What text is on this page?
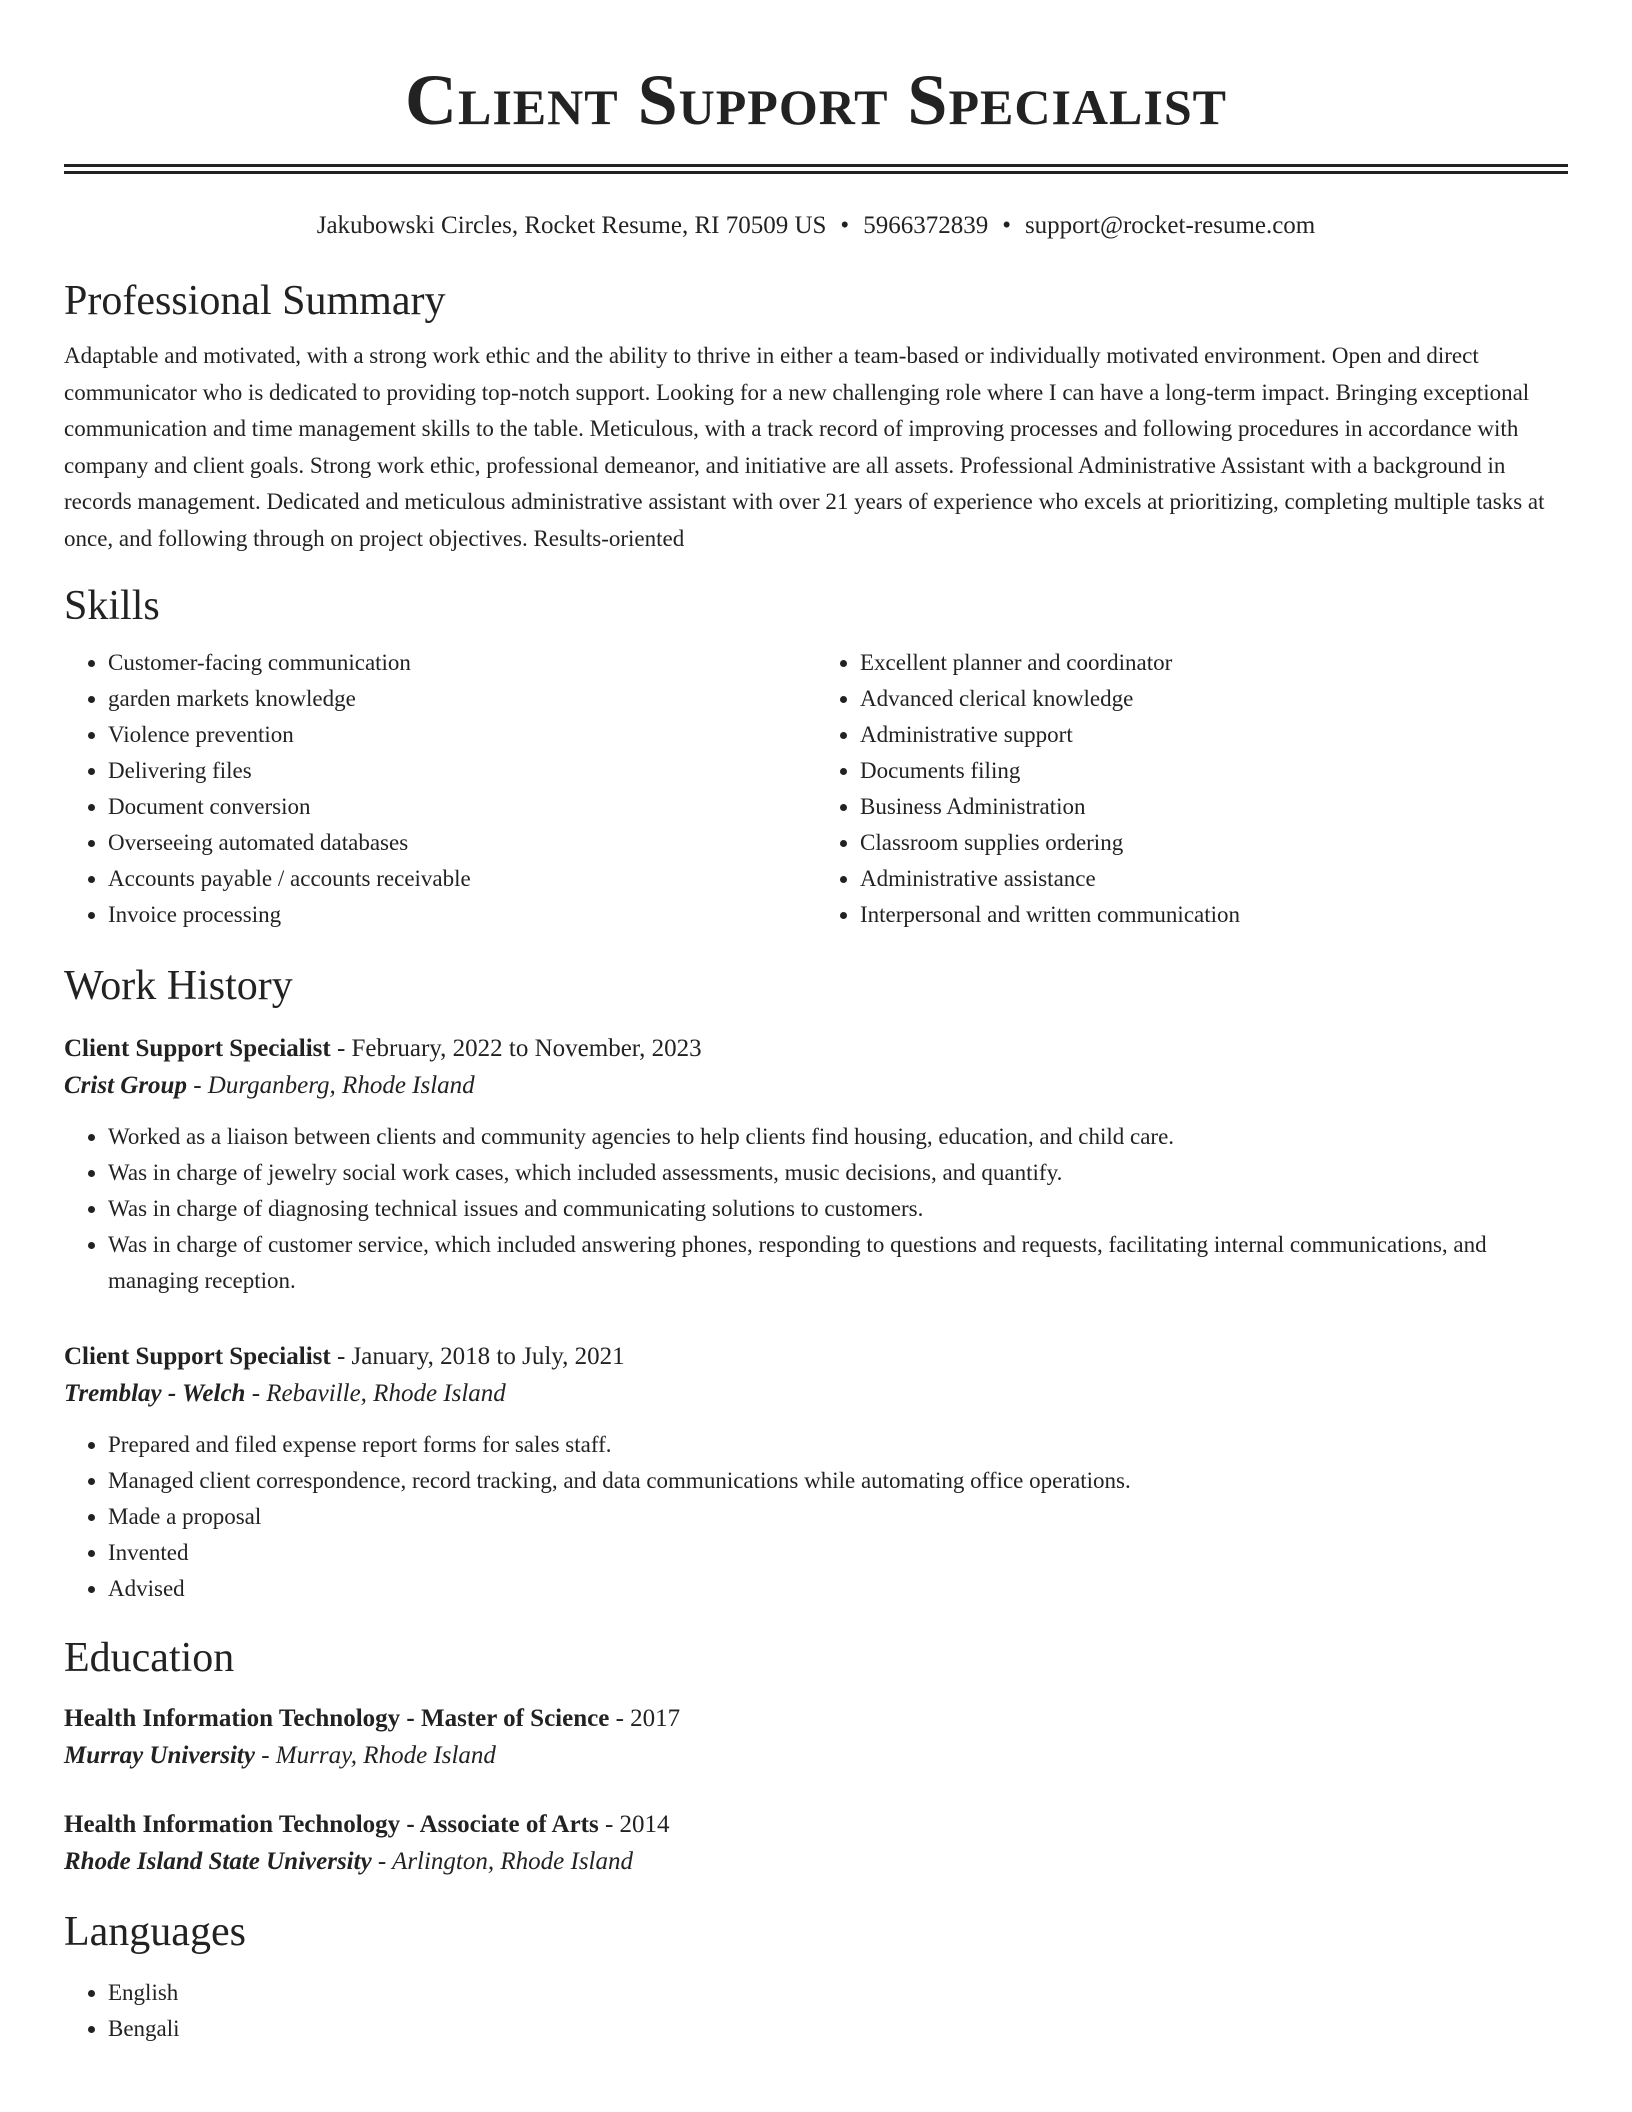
Client Support Specialist
Jakubowski Circles, Rocket Resume, RI 70509 US • 5966372839 • support@rocket-resume.com
Professional Summary
Adaptable and motivated, with a strong work ethic and the ability to thrive in either a team-based or individually motivated environment. Open and direct communicator who is dedicated to providing top-notch support. Looking for a new challenging role where I can have a long-term impact. Bringing exceptional communication and time management skills to the table. Meticulous, with a track record of improving processes and following procedures in accordance with company and client goals. Strong work ethic, professional demeanor, and initiative are all assets. Professional Administrative Assistant with a background in records management. Dedicated and meticulous administrative assistant with over 21 years of experience who excels at prioritizing, completing multiple tasks at once, and following through on project objectives. Results-oriented
Skills
• Customer-facing communication
• garden markets knowledge
• Violence prevention
• Delivering files
• Document conversion
• Overseeing automated databases
• Accounts payable / accounts receivable
• Invoice processing
• Excellent planner and coordinator
• Advanced clerical knowledge
• Administrative support
• Documents filing
• Business Administration
• Classroom supplies ordering
• Administrative assistance
• Interpersonal and written communication
Work History
Client Support Specialist - February, 2022 to November, 2023
Crist Group - Durganberg, Rhode Island
• Worked as a liaison between clients and community agencies to help clients find housing, education, and child care.
• Was in charge of jewelry social work cases, which included assessments, music decisions, and quantify.
• Was in charge of diagnosing technical issues and communicating solutions to customers.
• Was in charge of customer service, which included answering phones, responding to questions and requests, facilitating internal communications, and managing reception.
Client Support Specialist - January, 2018 to July, 2021
Tremblay - Welch - Rebaville, Rhode Island
• Prepared and filed expense report forms for sales staff.
• Managed client correspondence, record tracking, and data communications while automating office operations.
• Made a proposal
• Invented
• Advised
Education
Health Information Technology - Master of Science - 2017
Murray University - Murray, Rhode Island
Health Information Technology - Associate of Arts - 2014
Rhode Island State University - Arlington, Rhode Island
Languages
• English
• Bengali
